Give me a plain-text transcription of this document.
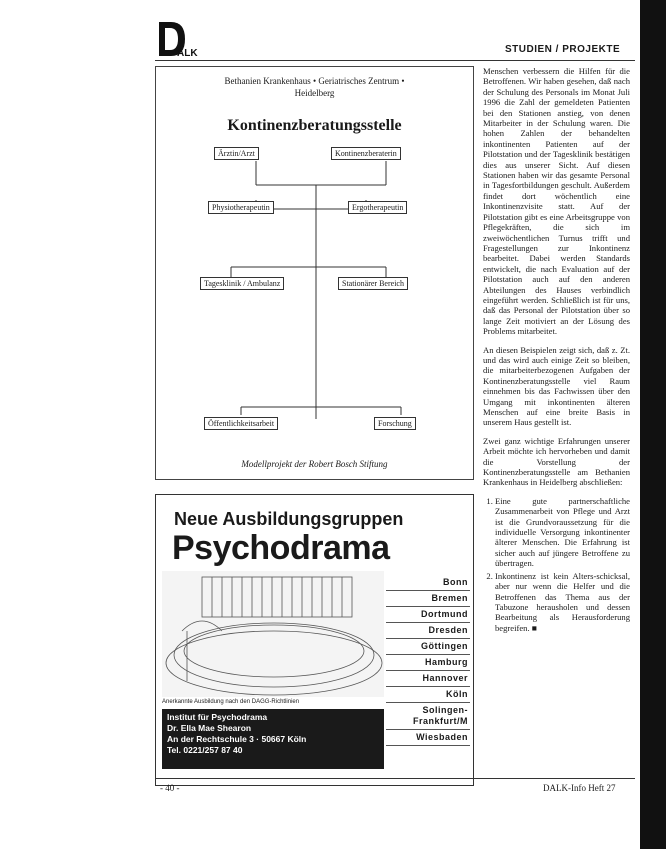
ALK	STUDIEN / PROJEKTE
Bethanien Krankenhaus • Geriatrisches Zentrum •
Heidelberg
Kontinenzberatungsstelle
Ärztin/Arzt	Kontinenzberaterin
Physiotherapeutin	Ergotherapeutin
Tagesklinik / Ambulanz	Stationärer Bereich
Öffentlichkeitsarbeit	Forschung
Modellprojekt der Robert Bosch Stiftung
Neue Ausbildungsgruppen
Psychodrama
Bonn
Bremen
Dortmund
Dresden
Göttingen
Hamburg
Hannover
Köln
Solingen-Frankfurt/M
Wiesbaden
Anerkannte Ausbildung nach den DAGG-Richtlinien
Institut für Psychodrama
Dr. Ella Mae Shearon
An der Rechtschule 3 · 50667 Köln
Tel. 0221/257 87 40

Menschen verbessern die Hilfen für die Betroffenen. Wir haben gesehen, daß nach der Schulung des Personals im Monat Juli 1996 die Zahl der gemeldeten Patienten bei den Stationen anstieg, von denen Mitarbeiter in der Schulung waren. Die hohen Zahlen der behandelten inkontinenten Patienten auf der Pilotstation und der Tagesklinik bestätigen dies aus unserer Sicht. Auf diesen Stationen haben wir das gesamte Personal in Tagesfortbildungen geschult. Außerdem findet dort wöchentlich eine Inkontinenzvisite statt. Auf der Pilotstation gibt es eine Arbeitsgruppe von Pflegekräften, die sich im zweiwöchentlichen Turnus trifft und Fragestellungen zur Inkontinenz bearbeitet. Dabei werden Standards entwickelt, die nach Evaluation auf der Pilotstation auch auf den anderen Abteilungen des Hauses verbindlich eingeführt werden. Schließlich ist für uns, daß das Personal der Pilotstation über so lange Zeit motiviert an der Lösung des Problems mitarbeitet.

An diesen Beispielen zeigt sich, daß z. Zt. und das wird auch einige Zeit so bleiben, die mitarbeiterbezogenen Aufgaben der Kontinenzberatungsstelle viel Raum einnehmen bis das Fachwissen über den Umgang mit inkontinenten älteren Menschen auf eine breite Basis in unserem Haus gestellt ist.

Zwei ganz wichtige Erfahrungen unserer Arbeit möchte ich hervorheben und damit die Vorstellung der Kontinenzberatungsstelle am Bethanien Krankenhaus in Heidelberg abschließen:

1. Eine gute partnerschaftliche Zusammenarbeit von Pflege und Arzt ist die Grundvoraussetzung für die individuelle Versorgung inkontinenter älterer Menschen. Die Erfahrung ist sicher auch auf jüngere Betroffene zu übertragen.
2. Inkontinenz ist kein Alters-schicksal, aber nur wenn die Helfer und die Betroffenen das Thema aus der Tabuzone herausholen und dessen Bearbeitung als Herausforderung begreifen. ■
- 40 -	DALK-Info Heft 27
